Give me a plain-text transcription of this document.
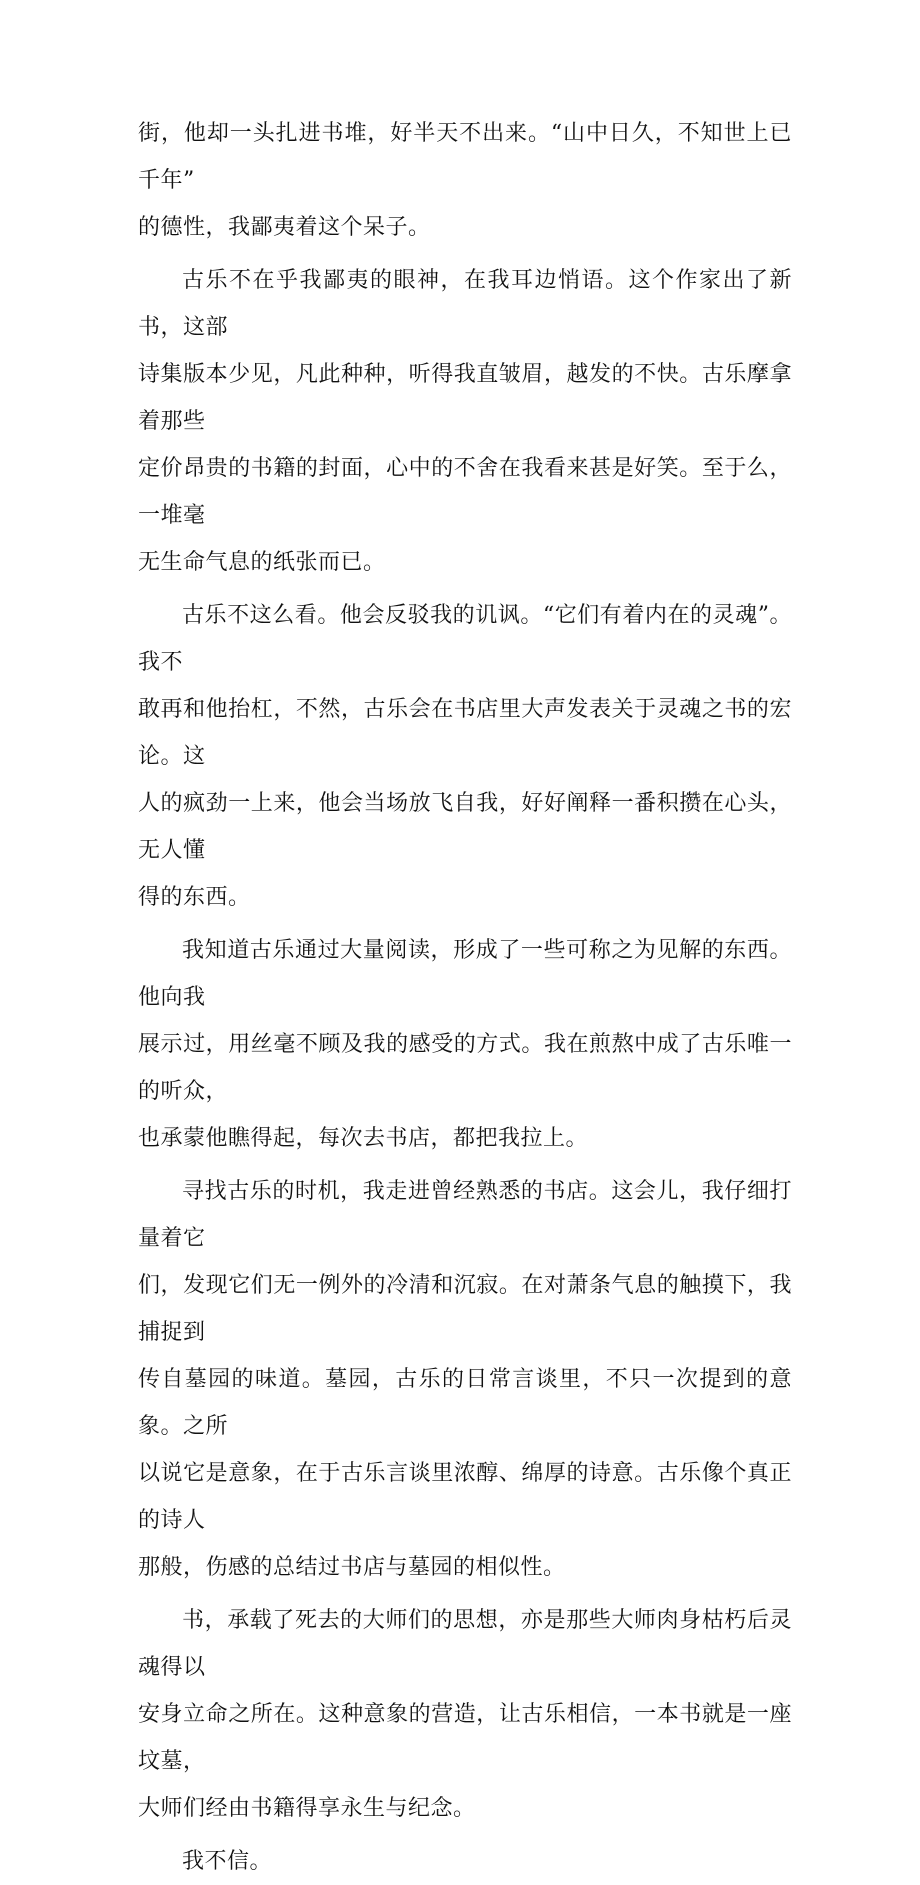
街，他却一头扎进书堆，好半天不出来。“山中日久，不知世上已千年”
的德性，我鄙夷着这个呆子。

古乐不在乎我鄙夷的眼神，在我耳边悄语。这个作家出了新书，这部
诗集版本少见，凡此种种，听得我直皱眉，越发的不快。古乐摩拿着那些
定价昂贵的书籍的封面，心中的不舍在我看来甚是好笑。至于么，一堆毫
无生命气息的纸张而已。

古乐不这么看。他会反驳我的讥讽。“它们有着内在的灵魂”。我不
敢再和他抬杠，不然，古乐会在书店里大声发表关于灵魂之书的宏论。这
人的疯劲一上来，他会当场放飞自我，好好阐释一番积攒在心头，无人懂
得的东西。

我知道古乐通过大量阅读，形成了一些可称之为见解的东西。他向我
展示过，用丝毫不顾及我的感受的方式。我在煎熬中成了古乐唯一的听众，
也承蒙他瞧得起，每次去书店，都把我拉上。

寻找古乐的时机，我走进曾经熟悉的书店。这会儿，我仔细打量着它
们，发现它们无一例外的冷清和沉寂。在对萧条气息的触摸下，我捕捉到
传自墓园的味道。墓园，古乐的日常言谈里，不只一次提到的意象。之所
以说它是意象，在于古乐言谈里浓醇、绵厚的诗意。古乐像个真正的诗人
那般，伤感的总结过书店与墓园的相似性。

书，承载了死去的大师们的思想，亦是那些大师肉身枯朽后灵魂得以
安身立命之所在。这种意象的营造，让古乐相信，一本书就是一座坟墓，
大师们经由书籍得享永生与纪念。

我不信。
